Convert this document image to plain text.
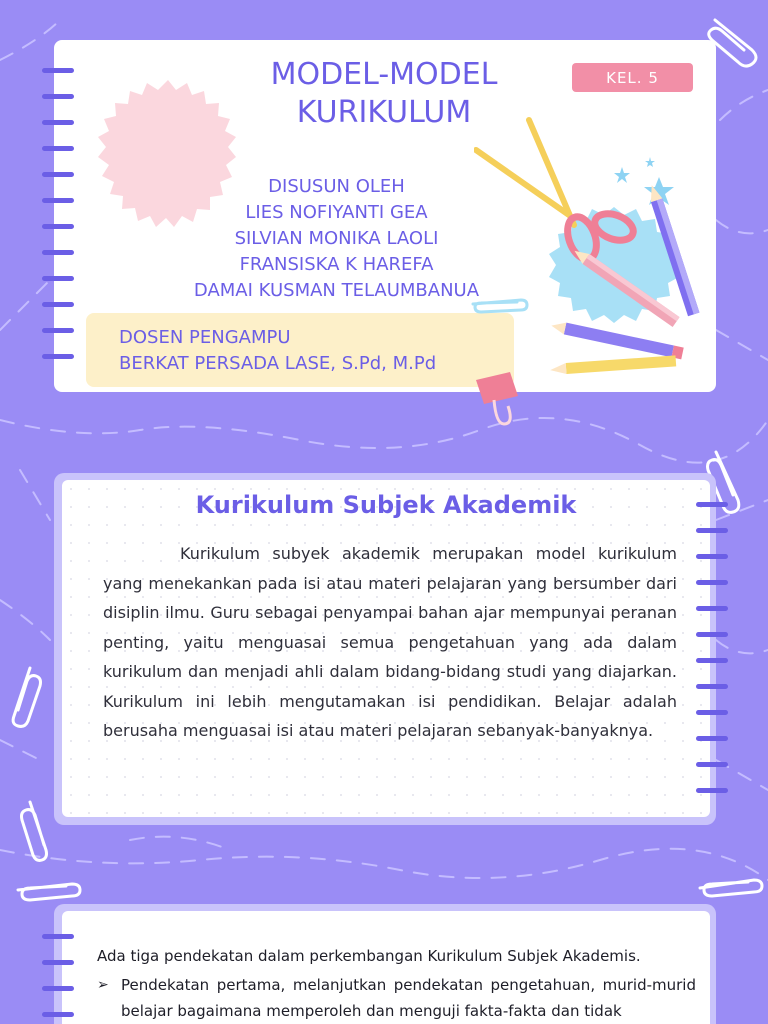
MODEL-MODEL
KURIKULUM
KEL. 5
DISUSUN OLEH
LIES NOFIYANTI GEA
SILVIAN MONIKA LAOLI
FRANSISKA K HAREFA
DAMAI KUSMAN TELAUMBANUA
DOSEN PENGAMPU
BERKAT PERSADA LASE, S.Pd, M.Pd
Kurikulum Subjek Akademik

Kurikulum subyek akademik merupakan model kurikulum yang menekankan pada isi atau materi pelajaran yang bersumber dari disiplin ilmu. Guru sebagai penyampai bahan ajar mempunyai peranan penting, yaitu menguasai semua pengetahuan yang ada dalam kurikulum dan menjadi ahli dalam bidang-bidang studi yang diajarkan. Kurikulum ini lebih mengutamakan isi pendidikan. Belajar adalah berusaha menguasai isi atau materi pelajaran sebanyak-banyaknya.

Ada tiga pendekatan dalam perkembangan Kurikulum Subjek Akademis.
➢ Pendekatan pertama, melanjutkan pendekatan pengetahuan, murid-murid belajar bagaimana memperoleh dan menguji fakta-fakta dan tidak
